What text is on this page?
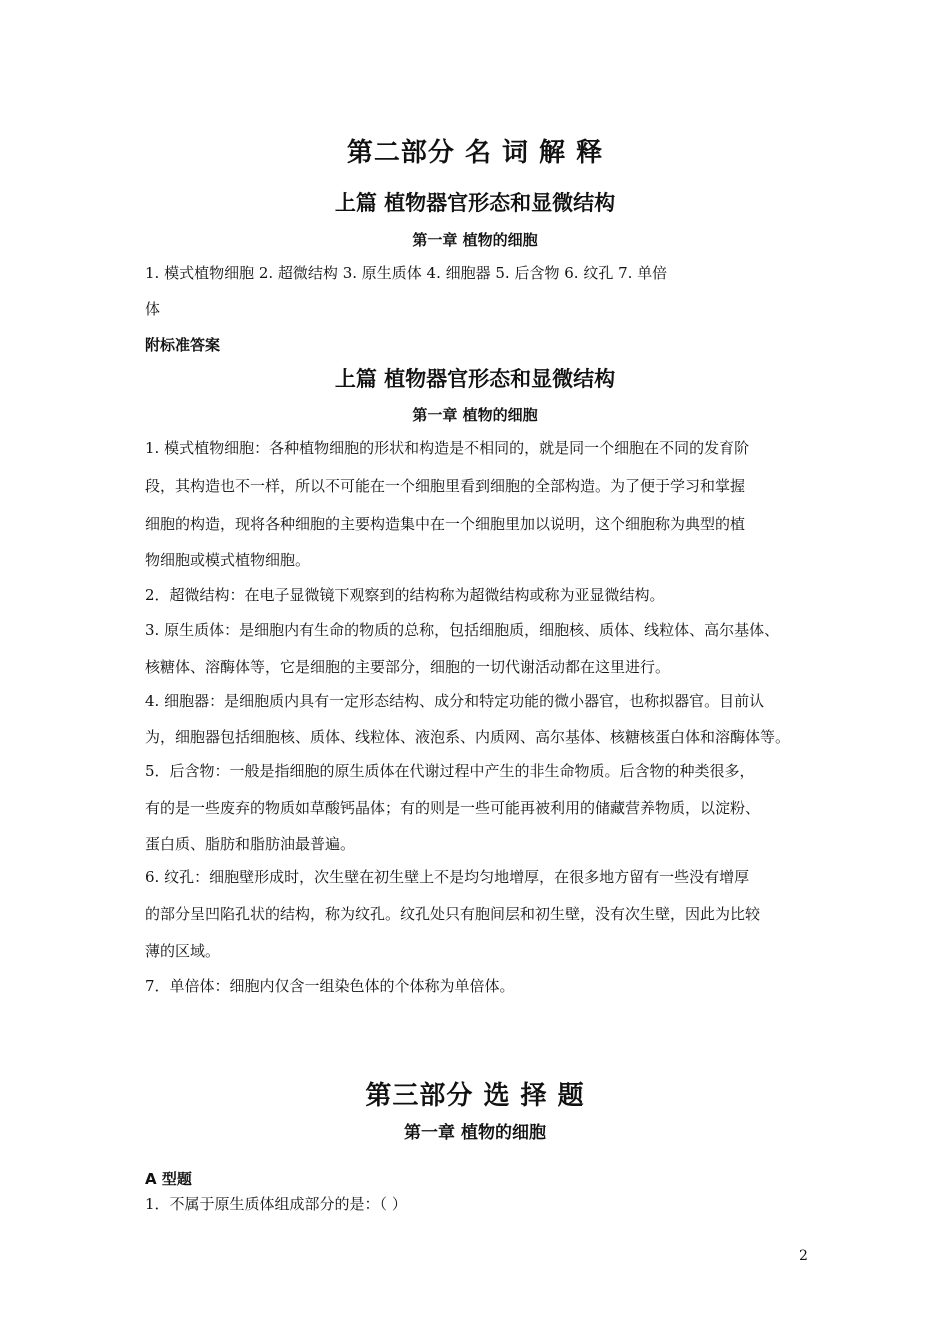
第二部分 名 词 解 释
上篇 植物器官形态和显微结构
第一章 植物的细胞
1. 模式植物细胞 2. 超微结构 3. 原生质体 4. 细胞器 5. 后含物 6. 纹孔 7. 单倍
体
附标准答案
上篇 植物器官形态和显微结构
第一章 植物的细胞
1. 模式植物细胞：各种植物细胞的形状和构造是不相同的，就是同一个细胞在不同的发育阶
段，其构造也不一样，所以不可能在一个细胞里看到细胞的全部构造。为了便于学习和掌握
细胞的构造，现将各种细胞的主要构造集中在一个细胞里加以说明，这个细胞称为典型的植
物细胞或模式植物细胞。
2．超微结构：在电子显微镜下观察到的结构称为超微结构或称为亚显微结构。
3. 原生质体：是细胞内有生命的物质的总称，包括细胞质，细胞核、质体、线粒体、高尔基体、
核糖体、溶酶体等，它是细胞的主要部分，细胞的一切代谢活动都在这里进行。
4. 细胞器：是细胞质内具有一定形态结构、成分和特定功能的微小器官，也称拟器官。目前认
为，细胞器包括细胞核、质体、线粒体、液泡系、内质网、高尔基体、核糖核蛋白体和溶酶体等。
5．后含物：一般是指细胞的原生质体在代谢过程中产生的非生命物质。后含物的种类很多，
有的是一些废弃的物质如草酸钙晶体；有的则是一些可能再被利用的储藏营养物质，以淀粉、
蛋白质、脂肪和脂肪油最普遍。
6. 纹孔：细胞壁形成时，次生壁在初生壁上不是均匀地增厚，在很多地方留有一些没有增厚
的部分呈凹陷孔状的结构，称为纹孔。纹孔处只有胞间层和初生壁，没有次生壁，因此为比较
薄的区域。
7．单倍体：细胞内仅含一组染色体的个体称为单倍体。
第三部分 选 择 题
第一章 植物的细胞
A 型题
1．不属于原生质体组成部分的是：（ ）
2
